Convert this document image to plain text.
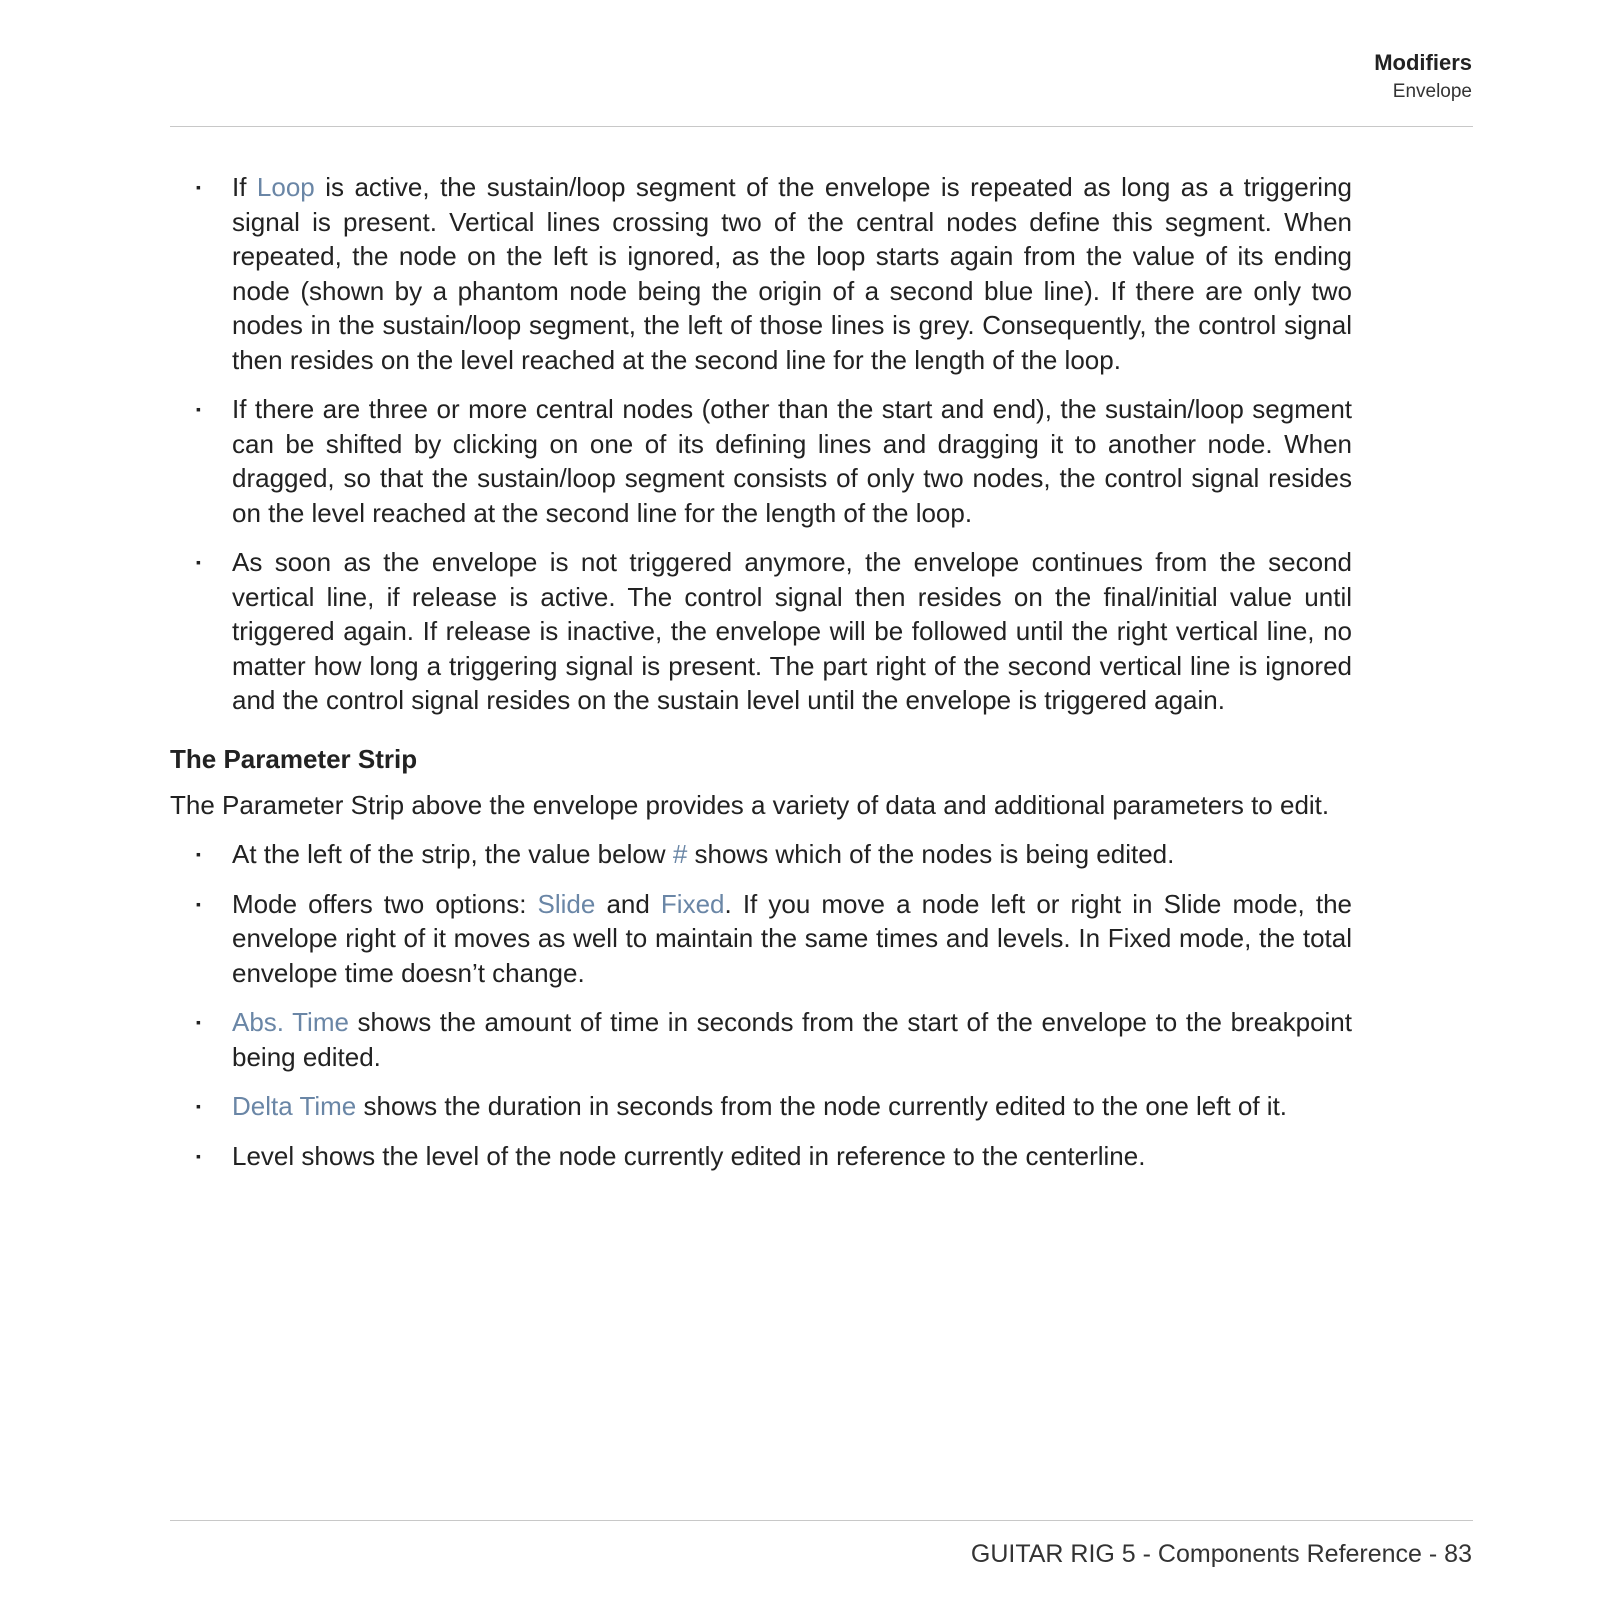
Modifiers
Envelope
▪ If Loop is active, the sustain/loop segment of the envelope is repeated as long as a triggering signal is present. Vertical lines crossing two of the central nodes define this segment. When repeated, the node on the left is ignored, as the loop starts again from the value of its ending node (shown by a phantom node being the origin of a second blue line). If there are only two nodes in the sustain/loop segment, the left of those lines is grey. Consequently, the control signal then resides on the level reached at the second line for the length of the loop.
▪ If there are three or more central nodes (other than the start and end), the sustain/loop segment can be shifted by clicking on one of its defining lines and dragging it to another node. When dragged, so that the sustain/loop segment consists of only two nodes, the control signal resides on the level reached at the second line for the length of the loop.
▪ As soon as the envelope is not triggered anymore, the envelope continues from the second vertical line, if release is active. The control signal then resides on the final/initial value until triggered again. If release is inactive, the envelope will be followed until the right vertical line, no matter how long a triggering signal is present. The part right of the second vertical line is ignored and the control signal resides on the sustain level until the envelope is triggered again.
The Parameter Strip

The Parameter Strip above the envelope provides a variety of data and additional parameters to edit.

▪ At the left of the strip, the value below # shows which of the nodes is being edited.
▪ Mode offers two options: Slide and Fixed. If you move a node left or right in Slide mode, the envelope right of it moves as well to maintain the same times and levels. In Fixed mode, the total envelope time doesn’t change.
▪ Abs. Time shows the amount of time in seconds from the start of the envelope to the breakpoint being edited.
▪ Delta Time shows the duration in seconds from the node currently edited to the one left of it.
▪ Level shows the level of the node currently edited in reference to the centerline.
GUITAR RIG 5 - Components Reference - 83
